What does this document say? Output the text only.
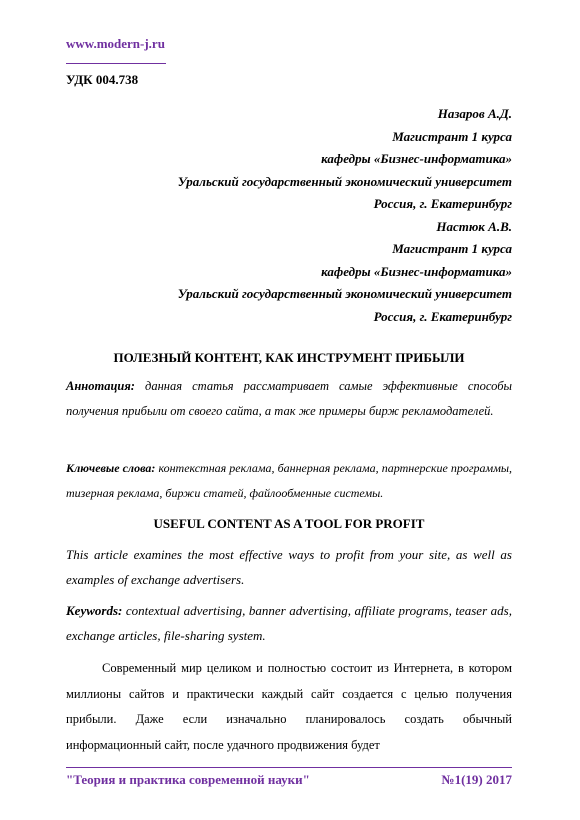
www.modern-j.ru
УДК 004.738
Назаров А.Д.
Магистрант 1 курса
кафедры «Бизнес-информатика»
Уральский государственный экономический университет
Россия, г. Екатеринбург
Настюк А.В.
Магистрант 1 курса
кафедры «Бизнес-информатика»
Уральский государственный экономический университет
Россия, г. Екатеринбург
ПОЛЕЗНЫЙ КОНТЕНТ, КАК ИНСТРУМЕНТ ПРИБЫЛИ
Аннотация: данная статья рассматривает самые эффективные способы получения прибыли от своего сайта, а так же примеры бирж рекламодателей.
Ключевые слова: контекстная реклама, баннерная реклама, партнерские программы, тизерная реклама, биржи статей, файлообменные системы.
USEFUL CONTENT AS A TOOL FOR PROFIT
This article examines the most effective ways to profit from your site, as well as examples of exchange advertisers.
Keywords: contextual advertising, banner advertising, affiliate programs, teaser ads, exchange articles, file-sharing system.
Современный мир целиком и полностью состоит из Интернета, в котором миллионы сайтов и практически каждый сайт создается с целью получения прибыли. Даже если изначально планировалось создать обычный информационный сайт, после удачного продвижения будет
"Теория и практика современной науки"	№1(19) 2017
